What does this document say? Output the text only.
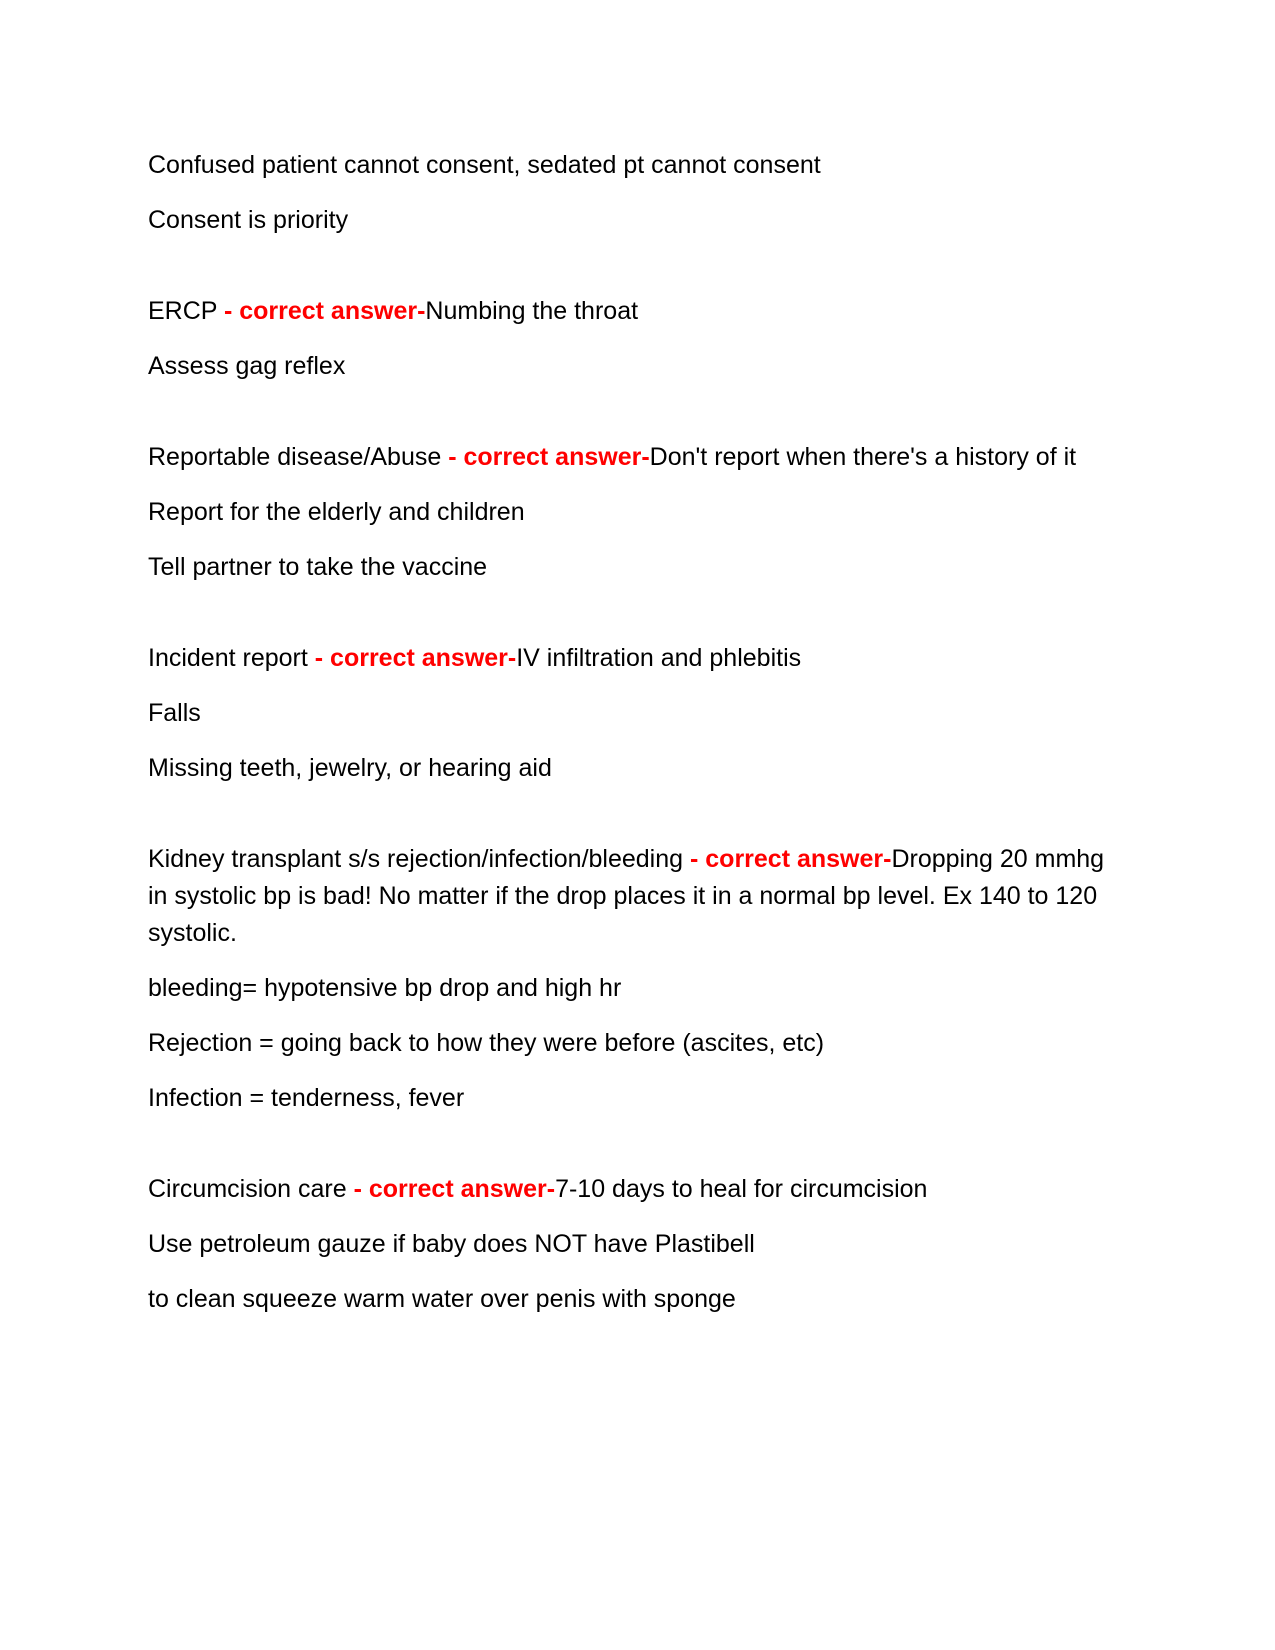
Confused patient cannot consent, sedated pt cannot consent

Consent is priority

ERCP - correct answer-Numbing the throat

Assess gag reflex

Reportable disease/Abuse - correct answer-Don't report when there's a history of it

Report for the elderly and children

Tell partner to take the vaccine

Incident report - correct answer-IV infiltration and phlebitis

Falls

Missing teeth, jewelry, or hearing aid

Kidney transplant s/s rejection/infection/bleeding - correct answer-Dropping 20 mmhg in systolic bp is bad! No matter if the drop places it in a normal bp level. Ex 140 to 120 systolic.

bleeding= hypotensive bp drop and high hr

Rejection = going back to how they were before (ascites, etc)

Infection = tenderness, fever

Circumcision care - correct answer-7-10 days to heal for circumcision

Use petroleum gauze if baby does NOT have Plastibell

to clean squeeze warm water over penis with sponge
